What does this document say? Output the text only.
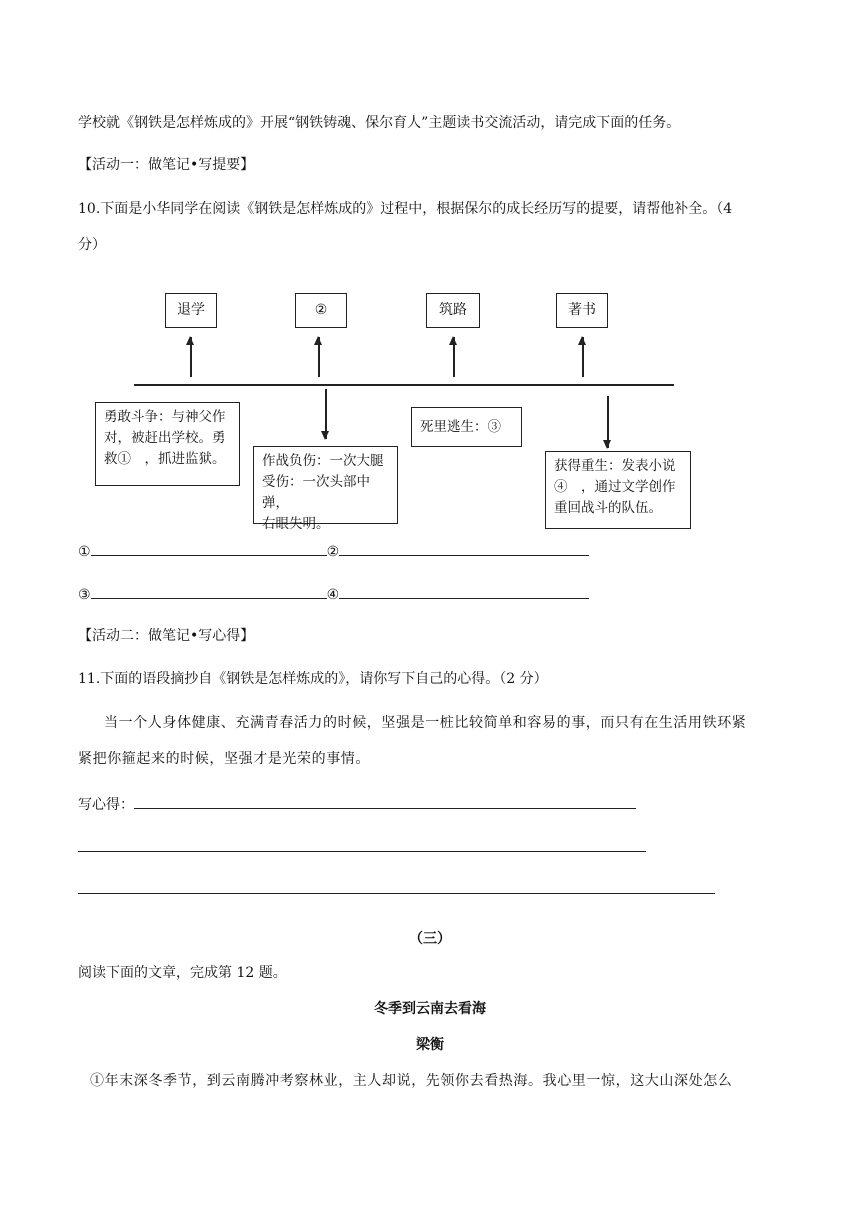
学校就《钢铁是怎样炼成的》开展“钢铁铸魂、保尔育人”主题读书交流活动，请完成下面的任务。
【活动一：做笔记•写提要】
10.下面是小华同学在阅读《钢铁是怎样炼成的》过程中，根据保尔的成长经历写的提要，请帮他补全。（4
分）
退学	②	筑路	著书
勇敢斗争：与神父作
对，被赶出学校。勇
救①　，抓进监狱。	作战负伤：一次大腿
受伤：一次头部中弹，
右眼失明。
死里逃生：③
获得重生：发表小说
④　，通过文学创作
重回战斗的队伍。
①	②
③	④
【活动二：做笔记•写心得】
11.下面的语段摘抄自《钢铁是怎样炼成的》，请你写下自己的心得。（2 分）
当一个人身体健康、充满青春活力的时候，坚强是一桩比较简单和容易的事，而只有在生活用铁环紧
紧把你箍起来的时候，坚强才是光荣的事情。
写心得：
（三）
阅读下面的文章，完成第 12 题。
冬季到云南去看海
梁衡
①年末深冬季节，到云南腾冲考察林业，主人却说，先领你去看热海。我心里一惊，这大山深处怎么
